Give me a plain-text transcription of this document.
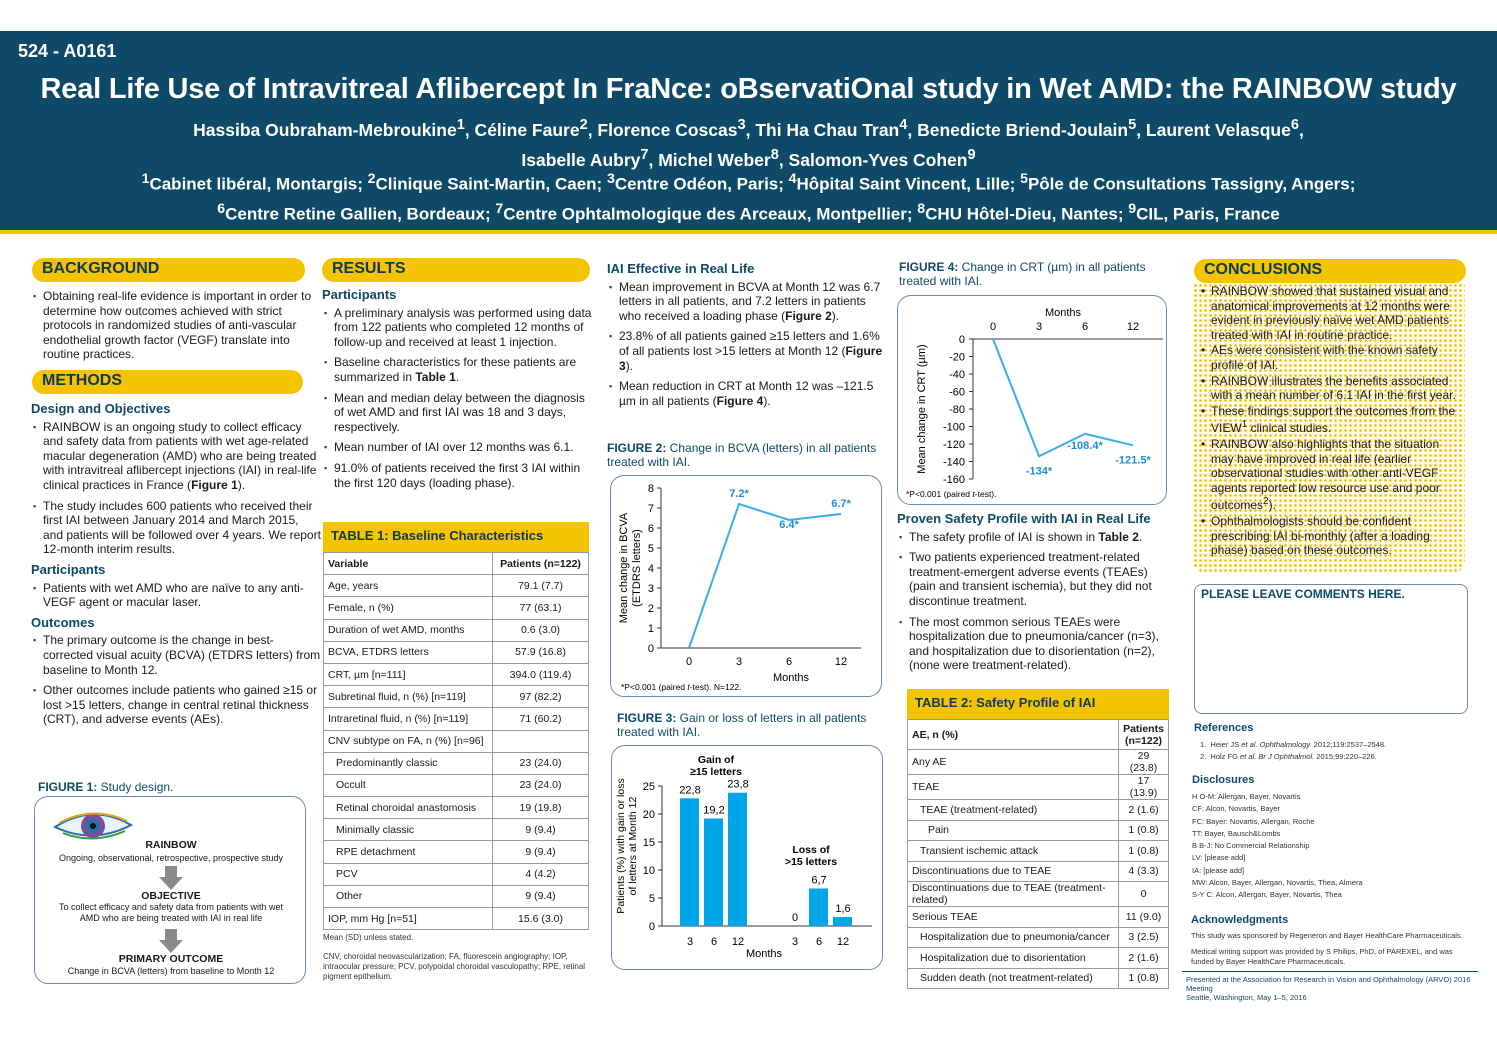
524 - A0161
Real Life Use of Intravitreal Aflibercept In FraNce: oBservatiOnal study in Wet AMD: the RAINBOW study
Hassiba Oubraham-Mebroukine$^1$, Céline Faure$^2$, Florence Coscas$^3$, Thi Ha Chau Tran$^4$, Benedicte Briend-Joulain$^5$, Laurent Velasque$^6$,
Isabelle Aubry$^7$, Michel Weber$^8$, Salomon-Yves Cohen$^9$
$^1$Cabinet libéral, Montargis; $^2$Clinique Saint-Martin, Caen; $^3$Centre Odéon, Paris; $^4$Hôpital Saint Vincent, Lille; $^5$Pôle de Consultations Tassigny, Angers;
$^6$Centre Retine Gallien, Bordeaux; $^7$Centre Ophtalmologique des Arceaux, Montpellier; $^8$CHU Hôtel-Dieu, Nantes; $^9$CIL, Paris, France
BACKGROUND
▪ Obtaining real-life evidence is important in order to determine how outcomes achieved with strict protocols in randomized studies of anti-vascular endothelial growth factor (VEGF) translate into routine practices.
METHODS
Design and Objectives
▪ RAINBOW is an ongoing study to collect efficacy and safety data from patients with wet age-related macular degeneration (AMD) who are being treated with intravitreal aflibercept injections (IAI) in real-life clinical practices in France (Figure 1).
▪ The study includes 600 patients who received their first IAI between January 2014 and March 2015, and patients will be followed over 4 years. We report 12-month interim results.
Participants
▪ Patients with wet AMD who are naïve to any anti-VEGF agent or macular laser.
Outcomes
▪ The primary outcome is the change in best-corrected visual acuity (BCVA) (ETDRS letters) from baseline to Month 12.
▪ Other outcomes include patients who gained ≥15 or lost >15 letters, change in central retinal thickness (CRT), and adverse events (AEs).
FIGURE 1: Study design.
RAINBOW
Ongoing, observational, retrospective, prospective study
OBJECTIVE
To collect efficacy and safety data from patients with wet AMD who are being treated with IAI in real life
PRIMARY OUTCOME
Change in BCVA (letters) from baseline to Month 12
RESULTS
Participants
▪ A preliminary analysis was performed using data from 122 patients who completed 12 months of follow-up and received at least 1 injection.
▪ Baseline characteristics for these patients are summarized in Table 1.
▪ Mean and median delay between the diagnosis of wet AMD and first IAI was 18 and 3 days, respectively.
▪ Mean number of IAI over 12 months was 6.1.
▪ 91.0% of patients received the first 3 IAI within the first 120 days (loading phase).
TABLE 1: Baseline Characteristics
Variable	Patients (n=122)
Age, years	79.1 (7.7)
Female, n (%)	77 (63.1)
Duration of wet AMD, months	0.6 (3.0)
BCVA, ETDRS letters	57.9 (16.8)
CRT, µm [n=111]	394.0 (119.4)
Subretinal fluid, n (%) [n=119]	97 (82.2)
Intraretinal fluid, n (%) [n=119]	71 (60.2)
CNV subtype on FA, n (%) [n=96]	
Predominantly classic	23 (24.0)
Occult	23 (24.0)
Retinal choroidal anastomosis	19 (19.8)
Minimally classic	9 (9.4)
RPE detachment	9 (9.4)
PCV	4 (4.2)
Other	9 (9.4)
IOP, mm Hg [n=51]	15.6 (3.0)
Mean (SD) unless stated.
CNV, choroidal neovascularization; FA, fluorescein angiography; IOP, intraocular pressure; PCV, polypoidal choroidal vasculopathy; RPE, retinal pigment epithelium.
IAI Effective in Real Life
▪ Mean improvement in BCVA at Month 12 was 6.7 letters in all patients, and 7.2 letters in patients who received a loading phase (Figure 2).
▪ 23.8% of all patients gained ≥15 letters and 1.6% of all patients lost >15 letters at Month 12 (Figure 3).
▪ Mean reduction in CRT at Month 12 was –121.5 µm in all patients (Figure 4).
FIGURE 2: Change in BCVA (letters) in all patients treated with IAI.
0
1
2
3
4
5
6
7
8
0	3
7.2*
6
6.4*
12
6.7*
Months
Mean change in BCVA (ETDRS letters)
*P<0.001 (paired t-test). N=122.
FIGURE 3: Gain or loss of letters in all patients treated with IAI.
0
5
10
15
20
25 22,8
3
19,2
6
23,8
12
0
3
6,7
6
1,6
12
Gain of
≥15 letters
Loss of
>15 letters
Months
Patients (%) with gain or loss of letters at Month 12
FIGURE 4: Change in CRT (µm) in all patients treated with IAI.
Months
0
-20
-40
-60
-80
-100
-120
-140
-160
0	3
-134*
6
-108.4*
12
-121.5*
Mean change in CRT (µm)
*P<0.001 (paired t-test).
Proven Safety Profile with IAI in Real Life
▪ The safety profile of IAI is shown in Table 2.
▪ Two patients experienced treatment-related treatment-emergent adverse events (TEAEs) (pain and transient ischemia), but they did not discontinue treatment.
▪ The most common serious TEAEs were hospitalization due to pneumonia/cancer (n=3), and hospitalization due to disorientation (n=2), (none were treatment-related).
TABLE 2: Safety Profile of IAI
AE, n (%)	Patients (n=122)
Any AE	29 (23.8)
TEAE	17 (13.9)
TEAE (treatment-related)	2 (1.6)
Pain	1 (0.8)
Transient ischemic attack	1 (0.8)
Discontinuations due to TEAE	4 (3.3)
Discontinuations due to TEAE (treatment-related)	0
Serious TEAE	11 (9.0)
Hospitalization due to pneumonia/cancer	3 (2.5)
Hospitalization due to disorientation	2 (1.6)
Sudden death (not treatment-related)	1 (0.8)
CONCLUSIONS
• RAINBOW showed that sustained visual and anatomical improvements at 12 months were evident in previously naïve wet AMD patients treated with IAI in routine practice.
• AEs were consistent with the known safety profile of IAI.
• RAINBOW illustrates the benefits associated with a mean number of 6.1 IAI in the first year.
• These findings support the outcomes from the VIEW$^1$ clinical studies.
• RAINBOW also highlights that the situation may have improved in real life (earlier observational studies with other anti-VEGF agents reported low resource use and poor outcomes$^2$).
• Ophthalmologists should be confident prescribing IAI bi-monthly (after a loading phase) based on these outcomes.
PLEASE LEAVE COMMENTS HERE.
References
1.  Heier JS et al. Ophthalmology. 2012;119:2537–2548.
2.  Holz FG et al. Br J Ophthalmol. 2015;99:220–226.
Disclosures
H O-M: Allergan, Bayer, Novartis
CF: Alcon, Novartis, Bayer
FC: Bayer: Novartis, Allergan, Roche
TT: Bayer, Bausch&Lombs
B B-J: No Commercial Relationship
LV: [please add]
IA: [please add]
MW: Alcon, Bayer, Allergan, Novartis, Thea, Almera
S-Y C: Alcon, Allergan, Bayer, Novartis, Thea
Acknowledgments
This study was sponsored by Regeneron and Bayer HealthCare Pharmaceuticals.
Medical writing support was provided by S Philips, PhD, of PAREXEL, and was funded by Bayer HealthCare Pharmaceuticals.
Presented at the Association for Research in Vision and Ophthalmology (ARVO) 2016 Meeting
Seattle, Washington, May 1–5, 2016
